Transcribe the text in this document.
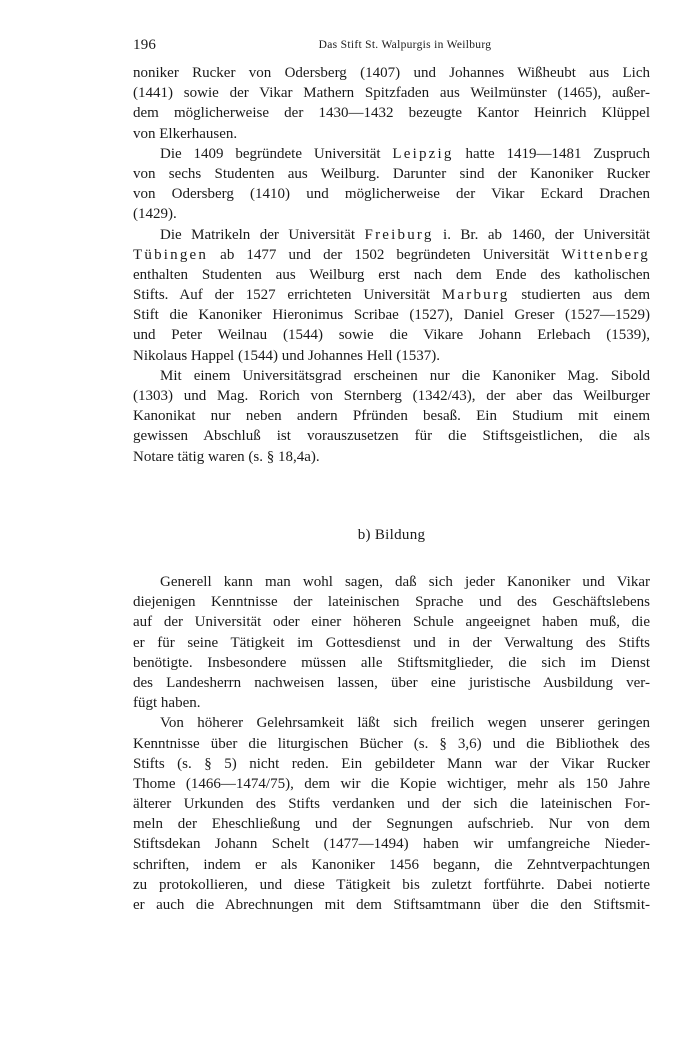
196	Das Stift St. Walpurgis in Weilburg
noniker Rucker von Odersberg (1407) und Johannes Wißheubt aus Lich
(1441) sowie der Vikar Mathern Spitzfaden aus Weilmünster (1465), außer-
dem möglicherweise der 1430—1432 bezeugte Kantor Heinrich Klüppel
von Elkerhausen.
Die 1409 begründete Universität Leipzig hatte 1419—1481 Zuspruch
von sechs Studenten aus Weilburg. Darunter sind der Kanoniker Rucker
von Odersberg (1410) und möglicherweise der Vikar Eckard Drachen
(1429).
Die Matrikeln der Universität Freiburg i. Br. ab 1460, der Universität
Tübingen ab 1477 und der 1502 begründeten Universität Wittenberg
enthalten Studenten aus Weilburg erst nach dem Ende des katholischen
Stifts. Auf der 1527 errichteten Universität Marburg studierten aus dem
Stift die Kanoniker Hieronimus Scribae (1527), Daniel Greser (1527—1529)
und Peter Weilnau (1544) sowie die Vikare Johann Erlebach (1539),
Nikolaus Happel (1544) und Johannes Hell (1537).
Mit einem Universitätsgrad erscheinen nur die Kanoniker Mag. Sibold
(1303) und Mag. Rorich von Sternberg (1342/43), der aber das Weilburger
Kanonikat nur neben andern Pfründen besaß. Ein Studium mit einem
gewissen Abschluß ist vorauszusetzen für die Stiftsgeistlichen, die als
Notare tätig waren (s. § 18,4a).
b) Bildung
Generell kann man wohl sagen, daß sich jeder Kanoniker und Vikar
diejenigen Kenntnisse der lateinischen Sprache und des Geschäftslebens
auf der Universität oder einer höheren Schule angeeignet haben muß, die
er für seine Tätigkeit im Gottesdienst und in der Verwaltung des Stifts
benötigte. Insbesondere müssen alle Stiftsmitglieder, die sich im Dienst
des Landesherrn nachweisen lassen, über eine juristische Ausbildung ver-
fügt haben.
Von höherer Gelehrsamkeit läßt sich freilich wegen unserer geringen
Kenntnisse über die liturgischen Bücher (s. § 3,6) und die Bibliothek des
Stifts (s. § 5) nicht reden. Ein gebildeter Mann war der Vikar Rucker
Thome (1466—1474/75), dem wir die Kopie wichtiger, mehr als 150 Jahre
älterer Urkunden des Stifts verdanken und der sich die lateinischen For-
meln der Eheschließung und der Segnungen aufschrieb. Nur von dem
Stiftsdekan Johann Schelt (1477—1494) haben wir umfangreiche Nieder-
schriften, indem er als Kanoniker 1456 begann, die Zehntverpachtungen
zu protokollieren, und diese Tätigkeit bis zuletzt fortführte. Dabei notierte
er auch die Abrechnungen mit dem Stiftsamtmann über die den Stiftsmit-
